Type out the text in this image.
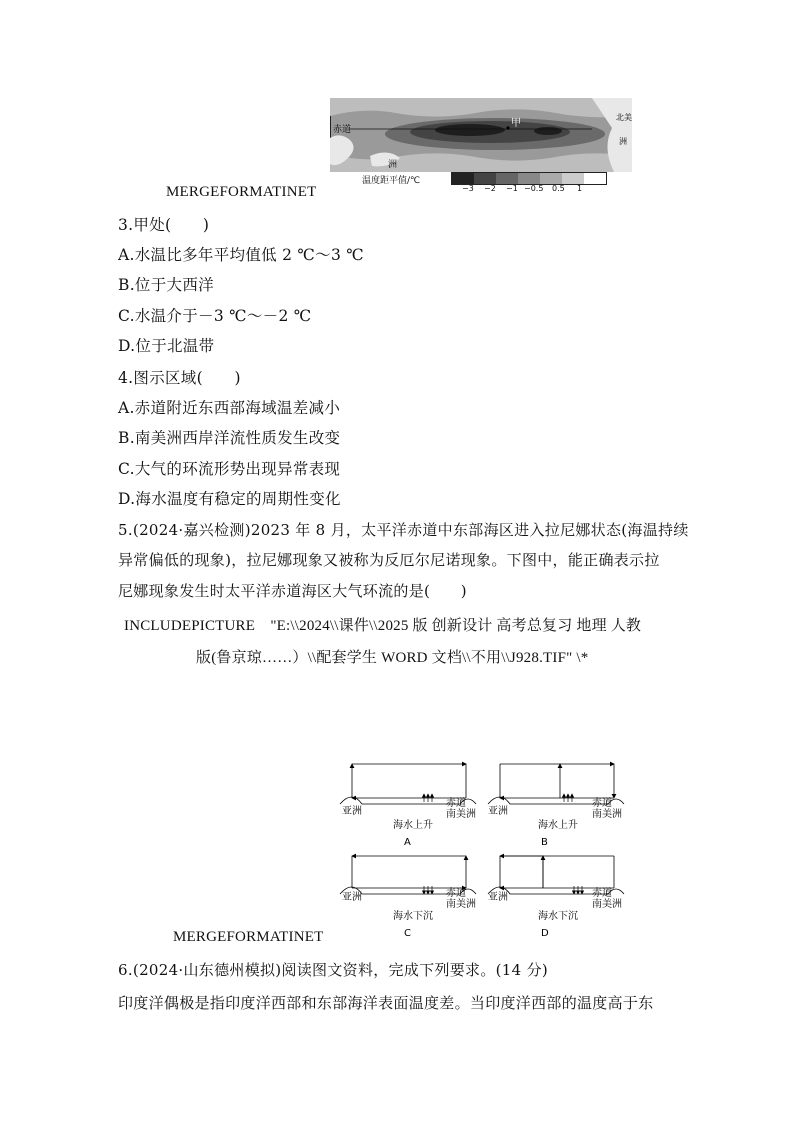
赤道
甲
洲
北美
洲
温度距平值/℃
−3 −2 −1 −0.5 0.5 1
MERGEFORMATINET
3.甲处(　　)
A.水温比多年平均值低 2 ℃～3 ℃
B.位于大西洋
C.水温介于－3 ℃～－2 ℃
D.位于北温带
4.图示区域(　　)
A.赤道附近东西部海域温差减小
B.南美洲西岸洋流性质发生改变
C.大气的环流形势出现异常表现
D.海水温度有稳定的周期性变化
5.(2024·嘉兴检测)2023 年 8 月，太平洋赤道中东部海区进入拉尼娜状态(海温持续
异常偏低的现象)，拉尼娜现象又被称为反厄尔尼诺现象。下图中，能正确表示拉
尼娜现象发生时太平洋赤道海区大气环流的是(　　)
INCLUDEPICTURE　"E:\\2024\\课件\\2025 版 创新设计 高考总复习 地理 人教
版(鲁京琼……）\\配套学生 WORD 文档\\不用\\J928.TIF" \*
亚洲
赤道
南美洲
海水上升
A
亚洲
赤道
南美洲
海水上升
B
亚洲	赤道
南美洲
海水下沉
C
亚洲	赤道
南美洲
海水下沉
D
MERGEFORMATINET
6.(2024·山东德州模拟)阅读图文资料，完成下列要求。(14 分)
印度洋偶极是指印度洋西部和东部海洋表面温度差。当印度洋西部的温度高于东
